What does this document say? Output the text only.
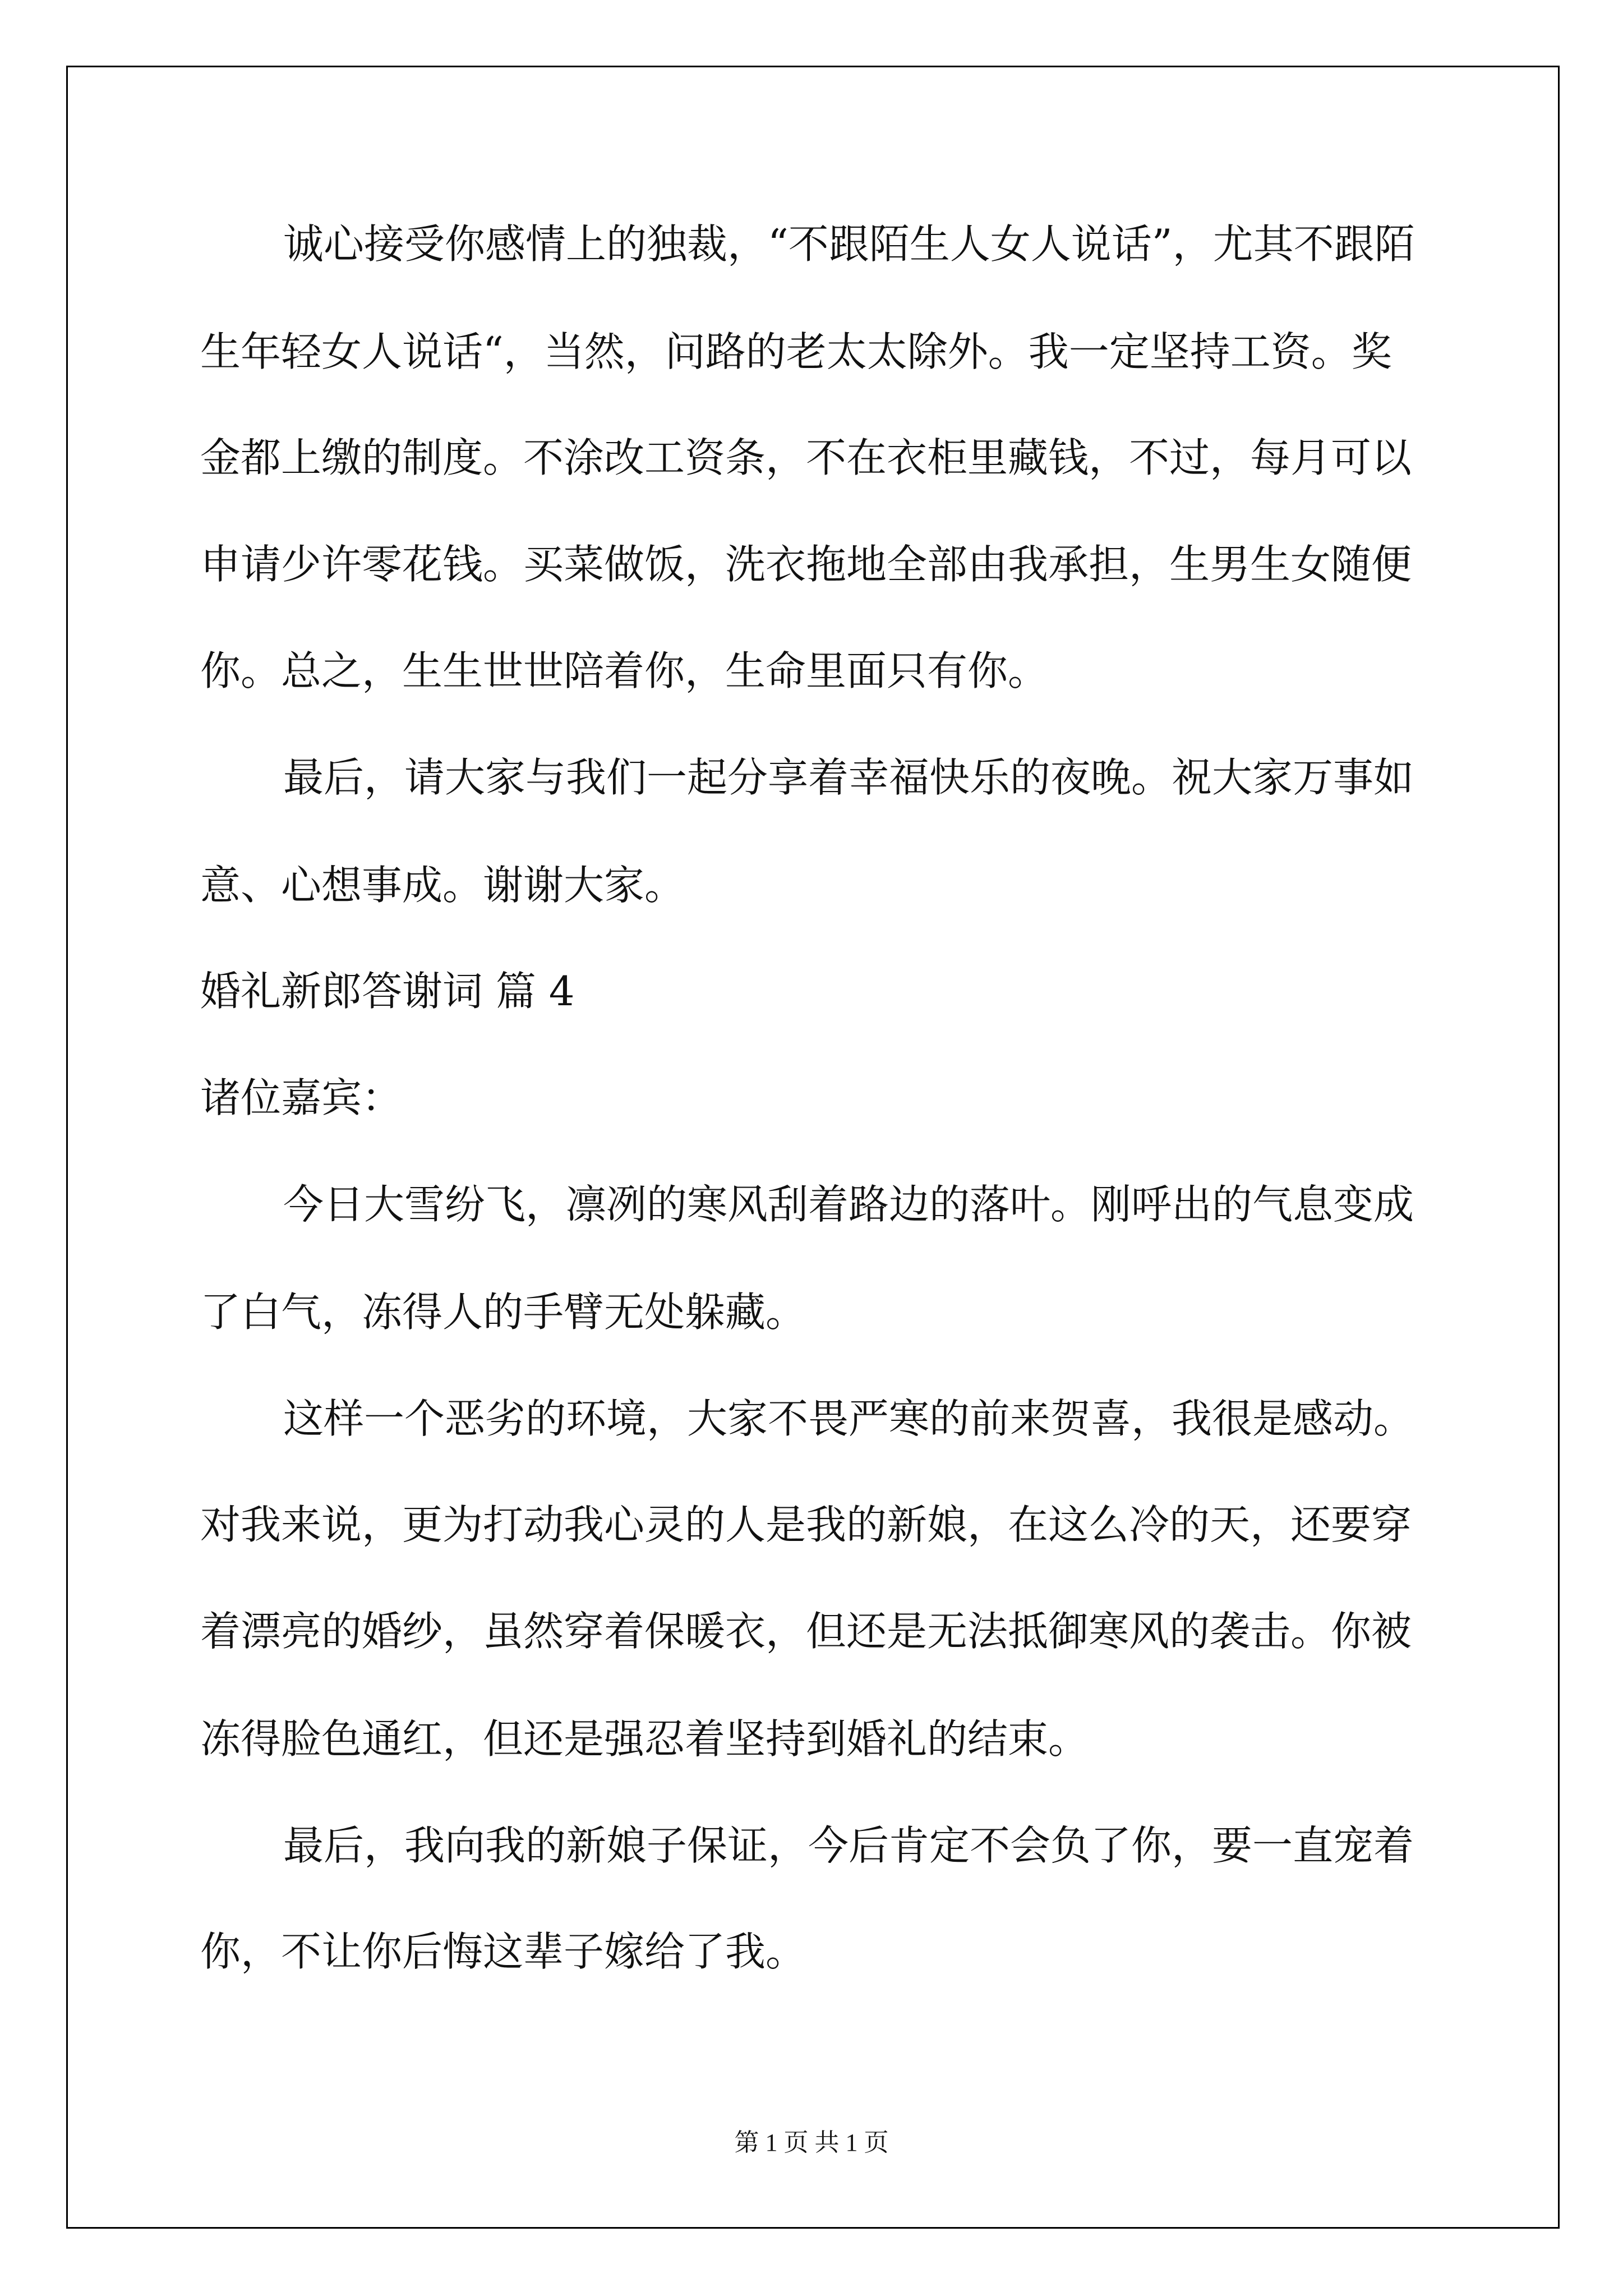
诚心接受你感情上的独裁，“不跟陌生人女人说话”，尤其不跟陌
生年轻女人说话“，当然，问路的老太太除外。我一定坚持工资。奖
金都上缴的制度。不涂改工资条，不在衣柜里藏钱，不过，每月可以
申请少许零花钱。买菜做饭，洗衣拖地全部由我承担，生男生女随便
你。总之，生生世世陪着你，生命里面只有你。
最后，请大家与我们一起分享着幸福快乐的夜晚。祝大家万事如
意、心想事成。谢谢大家。
婚礼新郎答谢词 篇 4
诸位嘉宾：
今日大雪纷飞，凛冽的寒风刮着路边的落叶。刚呼出的气息变成
了白气，冻得人的手臂无处躲藏。
这样一个恶劣的环境，大家不畏严寒的前来贺喜，我很是感动。
对我来说，更为打动我心灵的人是我的新娘，在这么冷的天，还要穿
着漂亮的婚纱，虽然穿着保暖衣，但还是无法抵御寒风的袭击。你被
冻得脸色通红，但还是强忍着坚持到婚礼的结束。
最后，我向我的新娘子保证，今后肯定不会负了你，要一直宠着
你，不让你后悔这辈子嫁给了我。
第 1 页 共 1 页
